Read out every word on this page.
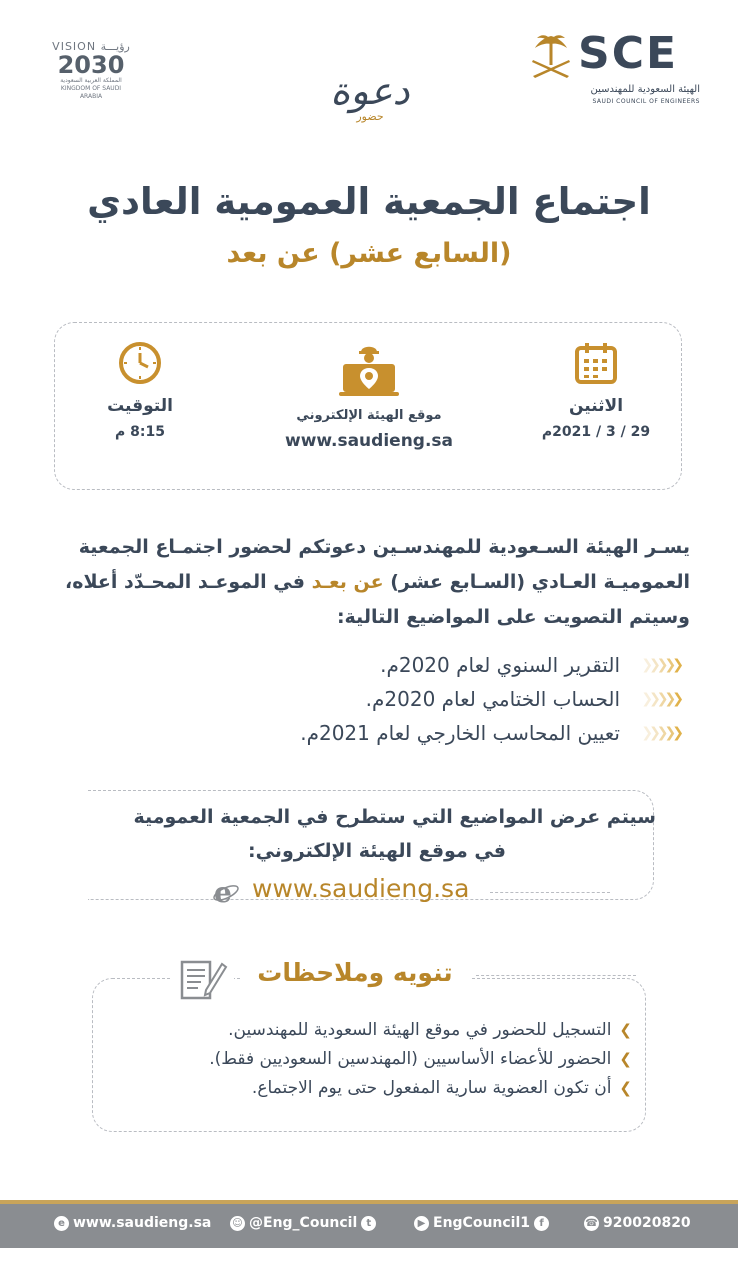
VISION رؤيـــة
2030
المملكة العربية السعودية
KINGDOM OF SAUDI ARABIA
SCE
الهيئة السعودية للمهندسين
SAUDI COUNCIL OF ENGINEERS
دعوة
حضور
اجتماع الجمعية العمومية العادي
(السابع عشر) عن بعد
الاثنين
29 / 3 / 2021م
موقع الهيئة الإلكتروني
www.saudieng.sa
التوقيت
8:15 م
يسـر الهيئة السـعودية للمهندسـين دعوتكم لحضور اجتمـاع الجمعية العموميـة العـادي (السـابع عشر) عن بعـد في الموعـد المحـدّد أعلاه، وسيتم التصويت على المواضيع التالية:
❮❮❮❮❮
التقرير السنوي لعام 2020م.
❮❮❮❮❮
الحساب الختامي لعام 2020م.
❮❮❮❮❮
تعيين المحاسب الخارجي لعام 2021م.
سيتم عرض المواضيع التي ستطرح في الجمعية العمومية
في موقع الهيئة الإلكتروني:
e www.saudieng.sa
تنويه وملاحظات
❯التسجيل للحضور في موقع الهيئة السعودية للمهندسين.
❯الحضور للأعضاء الأساسيين (المهندسين السعوديين فقط).
❯أن تكون العضوية سارية المفعول حتى يوم الاجتماع.
e www.saudieng.sa ☺ @Eng_Council t	▶ EngCouncil1 f	☎ 920020820
